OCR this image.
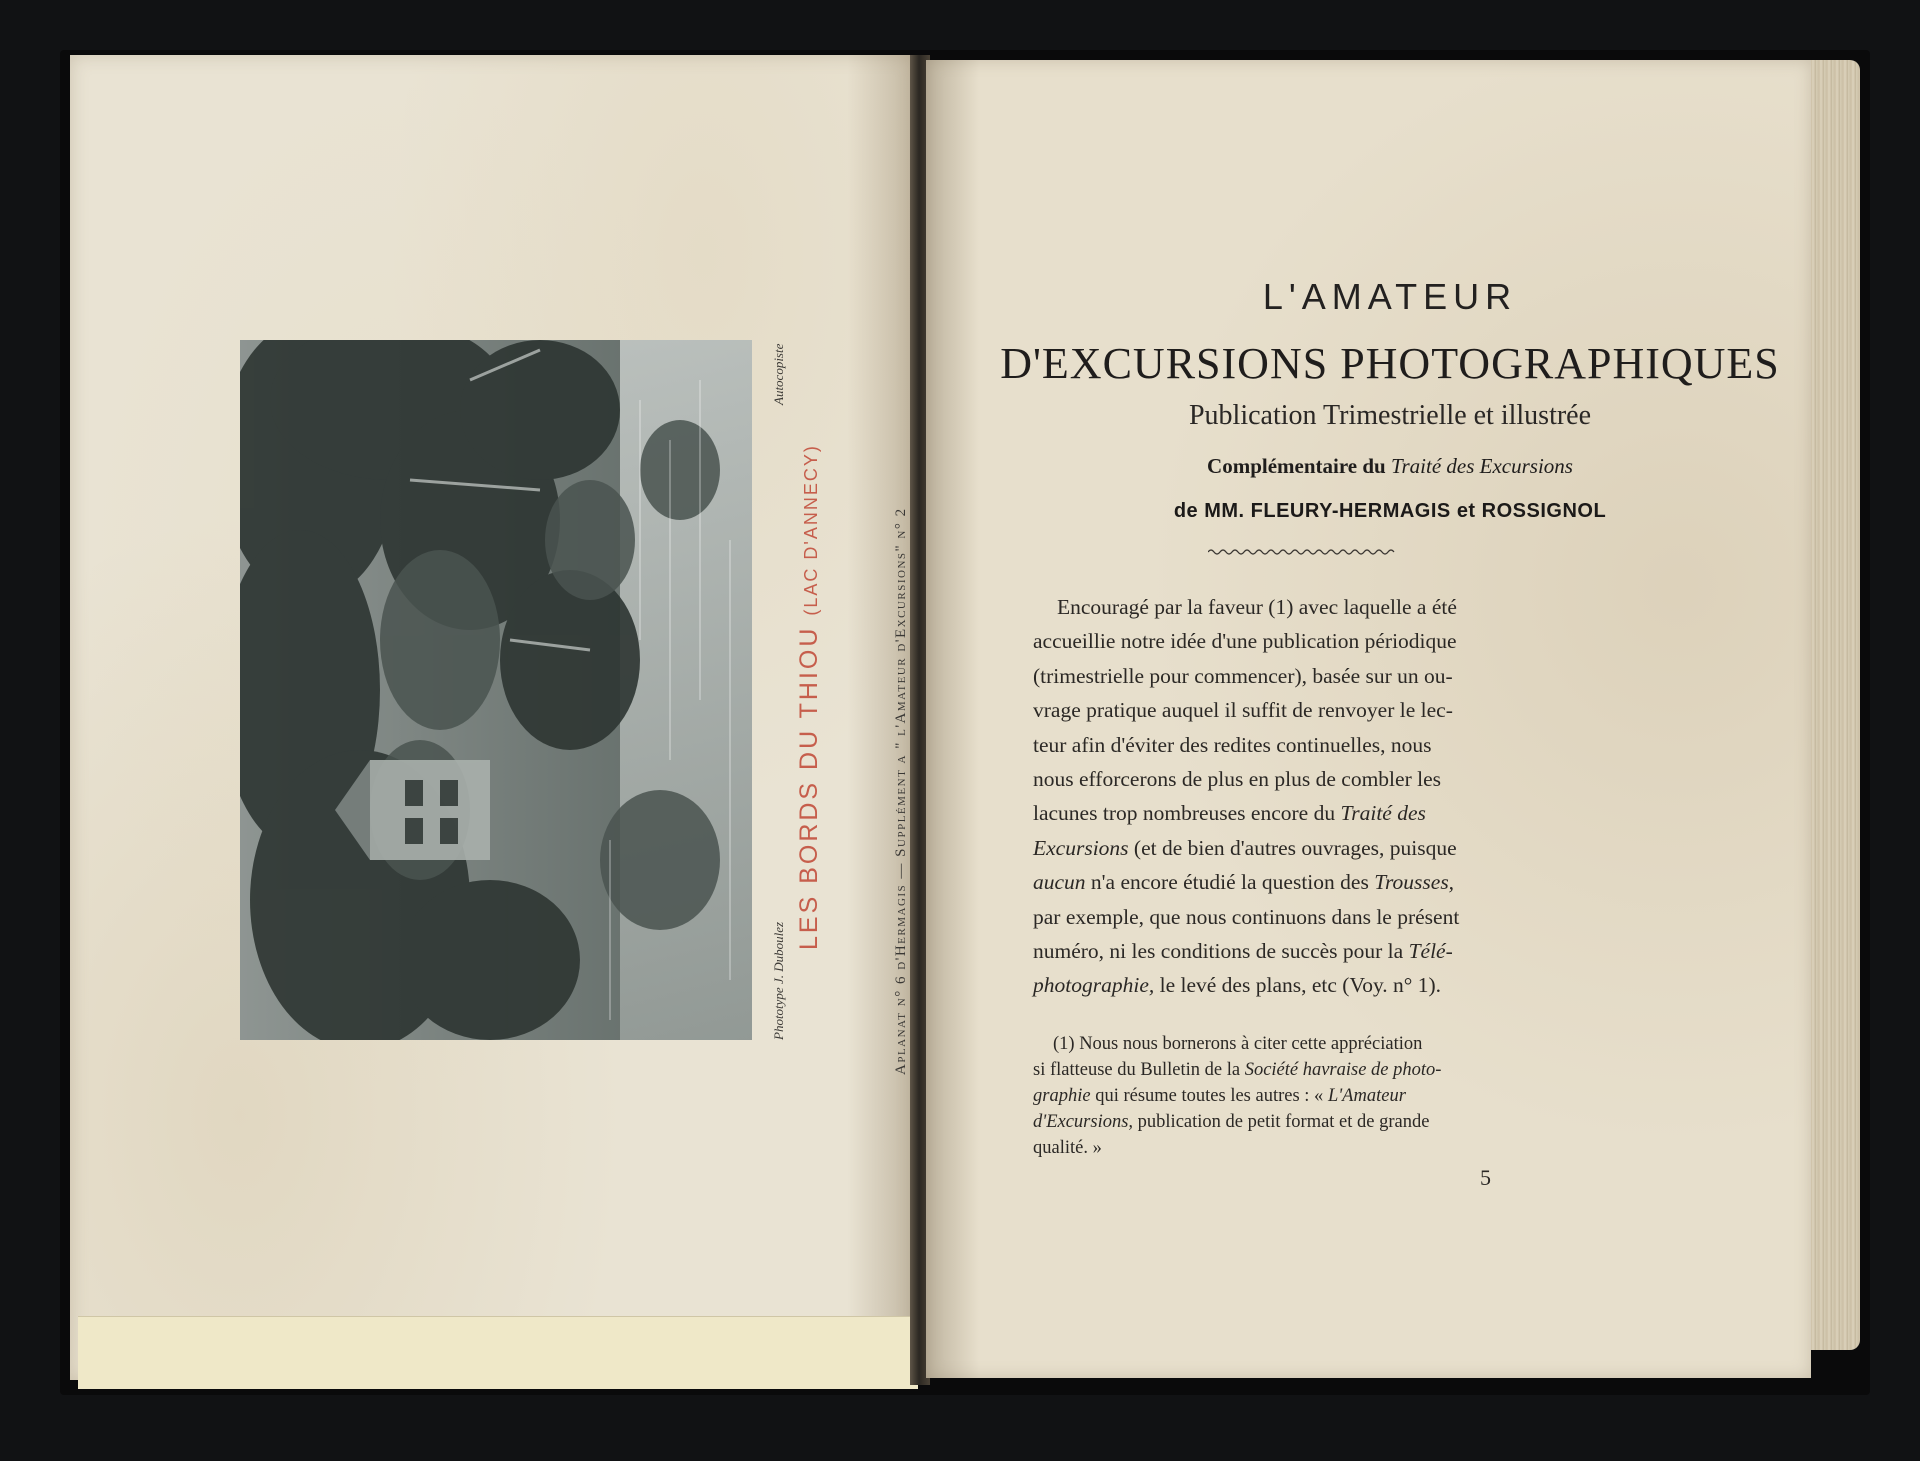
Phototype J. Duboulez
Autocopiste
LES BORDS DU THIOU (LAC D'ANNECY)	Aplanat n° 6 d'Hermagis — Supplément a " l'Amateur d'Excursions" n° 2
L'AMATEUR
D'EXCURSIONS PHOTOGRAPHIQUES
Publication Trimestrielle et illustrée
Complémentaire du Traité des Excursions
de MM. FLEURY-HERMAGIS et ROSSIGNOL
Encouragé par la faveur (1) avec laquelle a été
accueillie notre idée d'une publication périodique
(trimestrielle pour commencer), basée sur un ou-
vrage pratique auquel il suffit de renvoyer le lec-
teur afin d'éviter des redites continuelles, nous
nous efforcerons de plus en plus de combler les
lacunes trop nombreuses encore du Traité des
Excursions (et de bien d'autres ouvrages, puisque
aucun n'a encore étudié la question des Trousses,
par exemple, que nous continuons dans le présent
numéro, ni les conditions de succès pour la Télé-
photographie, le levé des plans, etc (Voy. n° 1).
(1) Nous nous bornerons à citer cette appréciation
si flatteuse du Bulletin de la Société havraise de photo-
graphie qui résume toutes les autres : « L'Amateur
d'Excursions, publication de petit format et de grande
qualité. »
5
